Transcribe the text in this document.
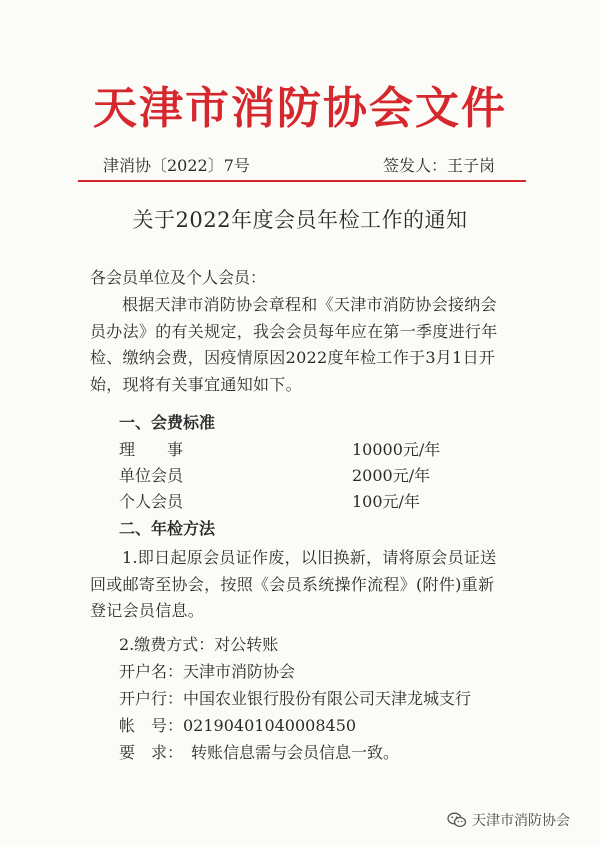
天津市消防协会文件
津消协〔2022〕7号	签发人：王子岗
关于2022年度会员年检工作的通知
各会员单位及个人会员：
根据天津市消防协会章程和《天津市消防协会接纳会员办法》的有关规定，我会会员每年应在第一季度进行年检、缴纳会费，因疫情原因2022度年检工作于3月1日开始，现将有关事宜通知如下。
一、会费标准
理　　事	10000元/年
单位会员	2000元/年
个人会员	100元/年
二、年检方法
1.即日起原会员证作废，以旧换新，请将原会员证送回或邮寄至协会，按照《会员系统操作流程》(附件)重新登记会员信息。
2.缴费方式：对公转账
开户名：天津市消防协会
开户行：中国农业银行股份有限公司天津龙城支行
帐　号：02190401040008450
要　求：　转账信息需与会员信息一致。
天津市消防协会
